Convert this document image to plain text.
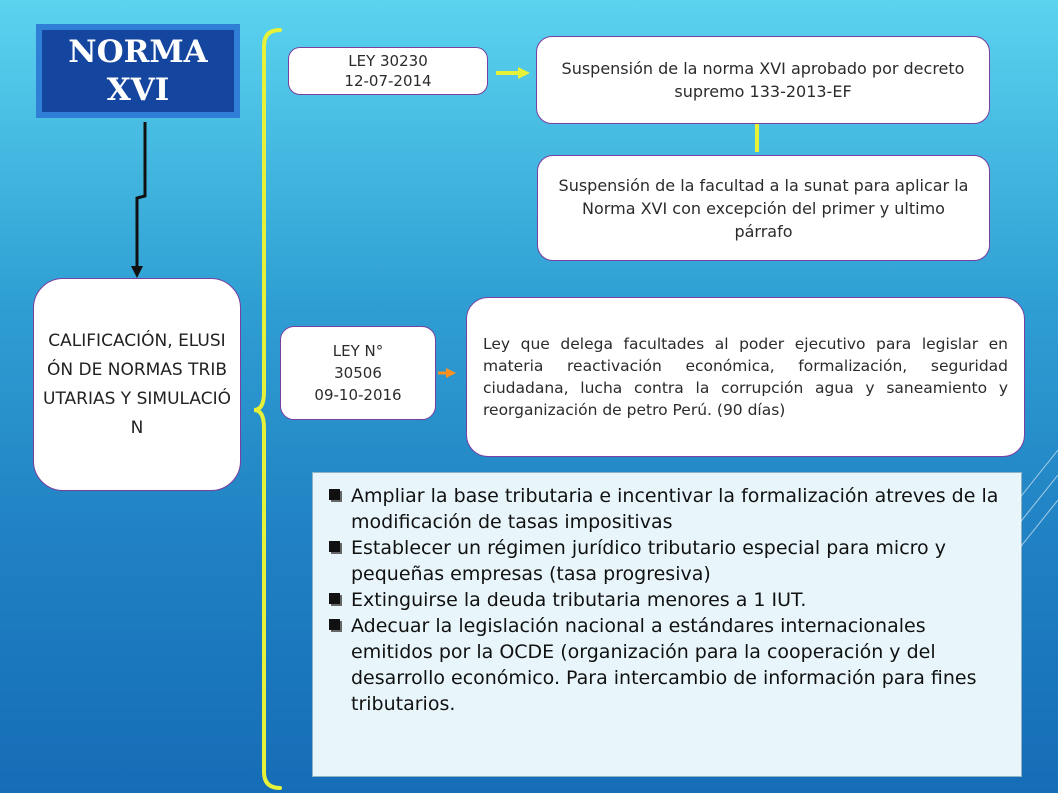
NORMA
XVI
CALIFICACIÓN, ELUSIÓN DE NORMAS TRIBUTARIAS Y SIMULACIÓN
LEY 30230
12-07-2014
Suspensión de la norma XVI aprobado por decreto supremo 133-2013-EF
Suspensión de la facultad a la sunat para aplicar la Norma XVI con excepción del primer y ultimo párrafo
LEY N°
30506
09-10-2016
Ley que delega facultades al poder ejecutivo para legislar en materia reactivación económica, formalización, seguridad ciudadana, lucha contra la corrupción agua y saneamiento y reorganización de petro Perú. (90 días)
Ampliar la base tributaria e incentivar la formalización atreves de la modificación de tasas impositivas
Establecer un régimen jurídico tributario especial para micro y pequeñas empresas (tasa progresiva)
Extinguirse la deuda tributaria menores a 1 IUT.
Adecuar la legislación nacional a estándares internacionales emitidos por la OCDE (organización para la cooperación y del desarrollo económico. Para intercambio de información para fines tributarios.
